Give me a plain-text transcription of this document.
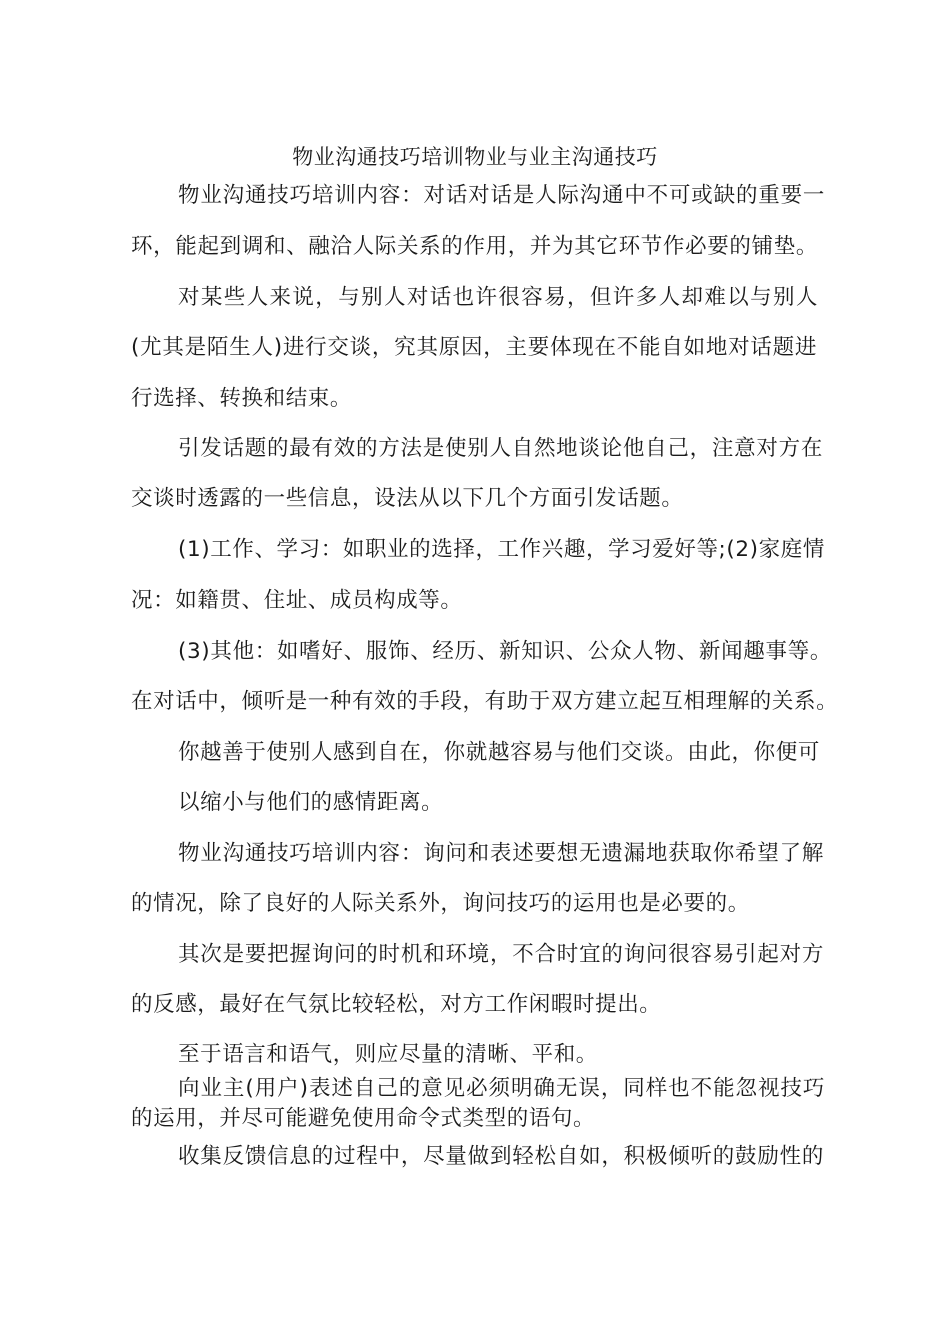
物业沟通技巧培训物业与业主沟通技巧
物业沟通技巧培训内容：对话对话是人际沟通中不可或缺的重要一
环，能起到调和、融洽人际关系的作用，并为其它环节作必要的铺垫。
对某些人来说，与别人对话也许很容易，但许多人却难以与别人
(尤其是陌生人)进行交谈，究其原因，主要体现在不能自如地对话题进
行选择、转换和结束。
引发话题的最有效的方法是使别人自然地谈论他自己，注意对方在
交谈时透露的一些信息，设法从以下几个方面引发话题。
(1)工作、学习：如职业的选择，工作兴趣，学习爱好等;(2)家庭情
况：如籍贯、住址、成员构成等。
(3)其他：如嗜好、服饰、经历、新知识、公众人物、新闻趣事等。
在对话中，倾听是一种有效的手段，有助于双方建立起互相理解的关系。
你越善于使别人感到自在，你就越容易与他们交谈。由此，你便可
以缩小与他们的感情距离。
物业沟通技巧培训内容：询问和表述要想无遗漏地获取你希望了解
的情况，除了良好的人际关系外，询问技巧的运用也是必要的。
其次是要把握询问的时机和环境，不合时宜的询问很容易引起对方
的反感，最好在气氛比较轻松，对方工作闲暇时提出。
至于语言和语气，则应尽量的清晰、平和。
向业主(用户)表述自己的意见必须明确无误，同样也不能忽视技巧
的运用，并尽可能避免使用命令式类型的语句。
收集反馈信息的过程中，尽量做到轻松自如，积极倾听的鼓励性的
